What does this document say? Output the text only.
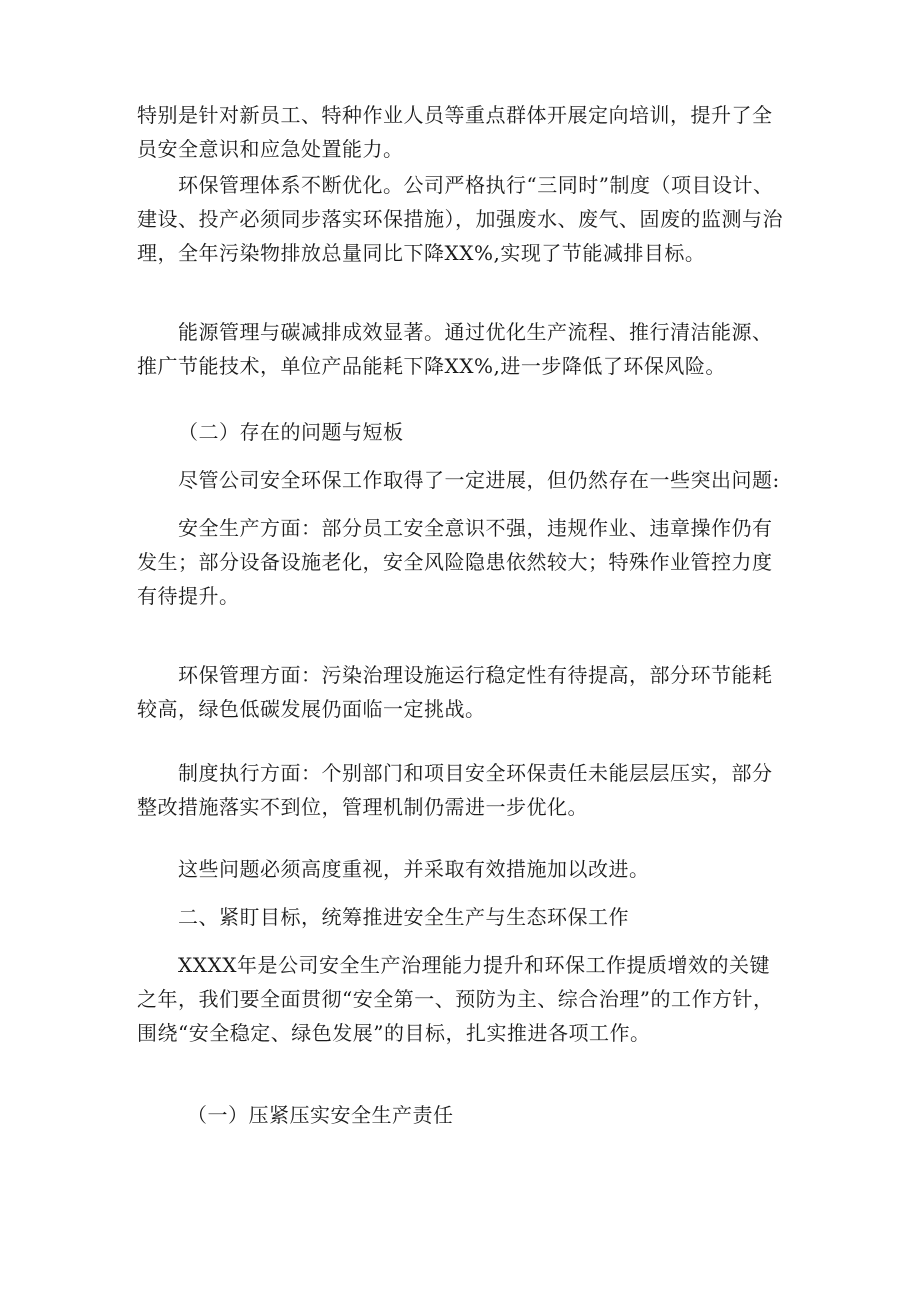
特别是针对新员工、特种作业人员等重点群体开展定向培训，提升了全员安全意识和应急处置能力。

环保管理体系不断优化。公司严格执行“三同时”制度（项目设计、建设、投产必须同步落实环保措施），加强废水、废气、固废的监测与治理，全年污染物排放总量同比下降XX%,实现了节能减排目标。

能源管理与碳减排成效显著。通过优化生产流程、推行清洁能源、推广节能技术，单位产品能耗下降XX%,进一步降低了环保风险。

（二）存在的问题与短板

尽管公司安全环保工作取得了一定进展，但仍然存在一些突出问题:

安全生产方面：部分员工安全意识不强，违规作业、违章操作仍有发生；部分设备设施老化，安全风险隐患依然较大；特殊作业管控力度有待提升。

环保管理方面：污染治理设施运行稳定性有待提高，部分环节能耗较高，绿色低碳发展仍面临一定挑战。

制度执行方面：个别部门和项目安全环保责任未能层层压实，部分整改措施落实不到位，管理机制仍需进一步优化。

这些问题必须高度重视，并采取有效措施加以改进。

二、紧盯目标，统筹推进安全生产与生态环保工作

XXXX年是公司安全生产治理能力提升和环保工作提质增效的关键之年，我们要全面贯彻“安全第一、预防为主、综合治理”的工作方针，围绕“安全稳定、绿色发展”的目标，扎实推进各项工作。

（一）压紧压实安全生产责任
